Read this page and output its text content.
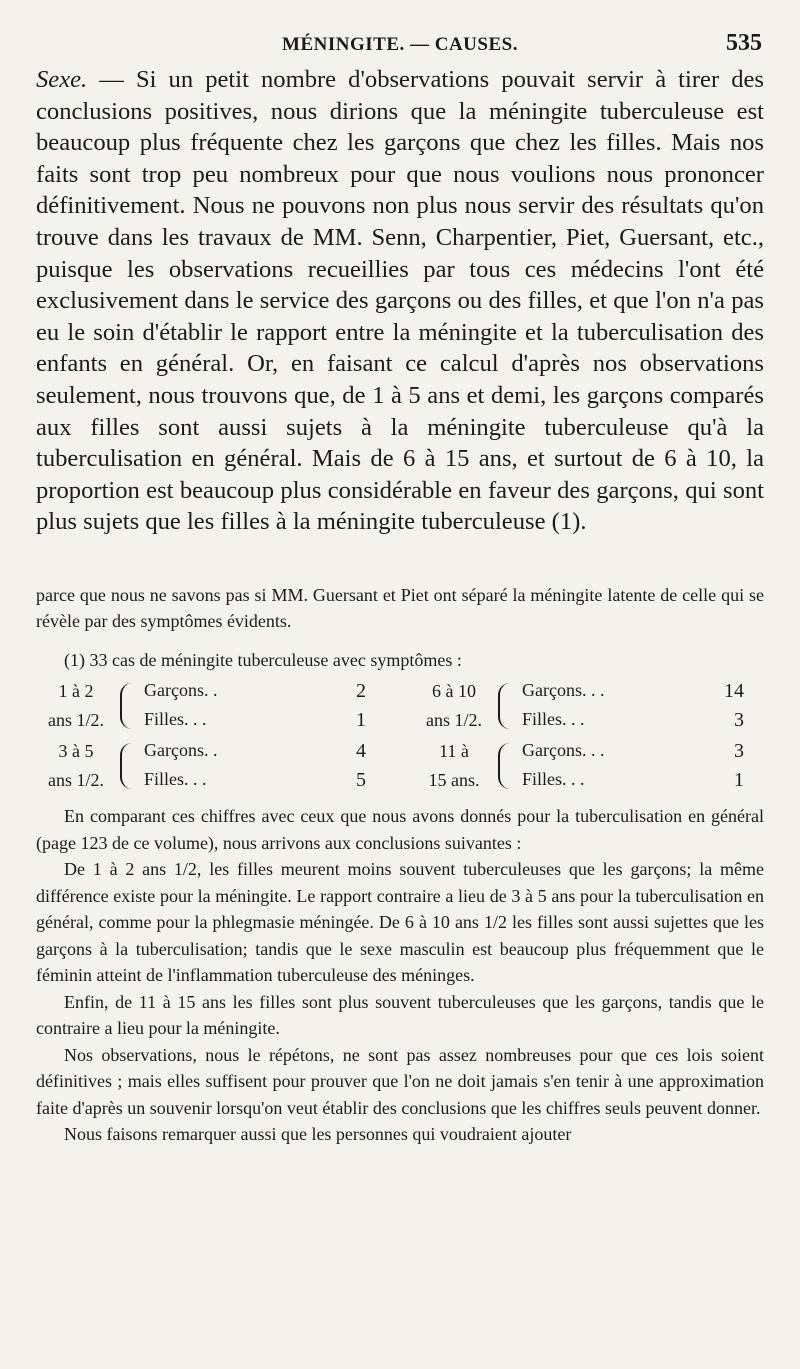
MÉNINGITE. — CAUSES.	535

Sexe. — Si un petit nombre d'observations pouvait servir à tirer des conclusions positives, nous dirions que la méningite tuberculeuse est beaucoup plus fréquente chez les garçons que chez les filles. Mais nos faits sont trop peu nombreux pour que nous voulions nous prononcer définitivement. Nous ne pouvons non plus nous servir des résultats qu'on trouve dans les travaux de MM. Senn, Charpentier, Piet, Guersant, etc., puisque les observations recueillies par tous ces médecins l'ont été exclusivement dans le service des garçons ou des filles, et que l'on n'a pas eu le soin d'établir le rapport entre la méningite et la tuberculisation des enfants en général. Or, en faisant ce calcul d'après nos observations seulement, nous trouvons que, de 1 à 5 ans et demi, les garçons comparés aux filles sont aussi sujets à la méningite tuberculeuse qu'à la tuberculisation en général. Mais de 6 à 15 ans, et surtout de 6 à 10, la proportion est beaucoup plus considérable en faveur des garçons, qui sont plus sujets que les filles à la méningite tuberculeuse (1).

parce que nous ne savons pas si MM. Guersant et Piet ont séparé la méningite latente de celle qui se révèle par des symptômes évidents.

(1) 33 cas de méningite tuberculeuse avec symptômes :

1 à 2
ans 1/2.
Garçons. .	2
Filles. . .	1
3 à 5
ans 1/2.
Garçons. .	4
Filles. . .	5
6 à 10
ans 1/2.
Garçons. . .	14
Filles. . .	3
11 à
15 ans.
Garçons. . .	3
Filles. . .	1

En comparant ces chiffres avec ceux que nous avons donnés pour la tuberculisation en général (page 123 de ce volume), nous arrivons aux conclusions suivantes :

De 1 à 2 ans 1/2, les filles meurent moins souvent tuberculeuses que les garçons; la même différence existe pour la méningite. Le rapport contraire a lieu de 3 à 5 ans pour la tuberculisation en général, comme pour la phlegmasie méningée. De 6 à 10 ans 1/2 les filles sont aussi sujettes que les garçons à la tuberculisation; tandis que le sexe masculin est beaucoup plus fréquemment que le féminin atteint de l'inflammation tuberculeuse des méninges.

Enfin, de 11 à 15 ans les filles sont plus souvent tuberculeuses que les garçons, tandis que le contraire a lieu pour la méningite.

Nos observations, nous le répétons, ne sont pas assez nombreuses pour que ces lois soient définitives ; mais elles suffisent pour prouver que l'on ne doit jamais s'en tenir à une approximation faite d'après un souvenir lorsqu'on veut établir des conclusions que les chiffres seuls peuvent donner.

Nous faisons remarquer aussi que les personnes qui voudraient ajouter
